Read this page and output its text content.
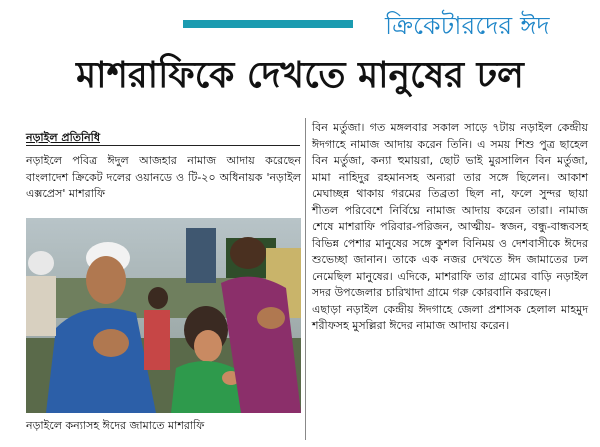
ক্রিকেটারদের ঈদ
মাশরাফিকে দেখতে মানুষের ঢল
নড়াইল প্রতিনিধি
নড়াইলে পবিত্র ঈদুল আজহার নামাজ আদায় করেছেন বাংলাদেশ ক্রিকেট দলের ওয়ানডে ও টি-২০ অধিনায়ক 'নড়াইল এক্সপ্রেস' মাশরাফি
নড়াইলে কন্যাসহ ঈদের জামাতে মাশরাফি
বিন মর্তুজা। গত মঙ্গলবার সকাল সাড়ে ৭টায় নড়াইল কেন্দ্রীয় ঈদগাহে নামাজ আদায় করেন তিনি। এ সময় শিশু পুত্র ছাহেল বিন মর্তুজা, কন্যা হুমায়রা, ছোট ভাই মুরসালিন বিন মর্তুজা, মামা নাহিদুর রহমানসহ অন্যরা তার সঙ্গে ছিলেন। আকাশ মেঘাচ্ছন্ন থাকায় গরমের তিব্রতা ছিল না, ফলে সুন্দর ছায়া শীতল পরিবেশে নির্বিঘ্নে নামাজ আদায় করেন তারা। নামাজ শেষে মাশরাফি পরিবার-পরিজন, আত্মীয়- স্বজন, বন্ধু-বান্ধবসহ বিভিন্ন পেশার মানুষের সঙ্গে কুশল বিনিময় ও দেশবাসীকে ঈদের শুভেচ্ছা জানান। তাকে এক নজর দেখতে ঈদ জামাতের ঢল নেমেছিল মানুষের। এদিকে, মাশরাফি তার গ্রামের বাড়ি নড়াইল সদর উপজেলার চারিখাদা গ্রামে গরু কোরবানি করছেন।
এছাড়া নড়াইল কেন্দ্রীয় ঈদগাহে জেলা প্রশাসক হেলাল মাহমুদ শরীফসহ মুসল্লিরা ঈদের নামাজ আদায় করেন।
